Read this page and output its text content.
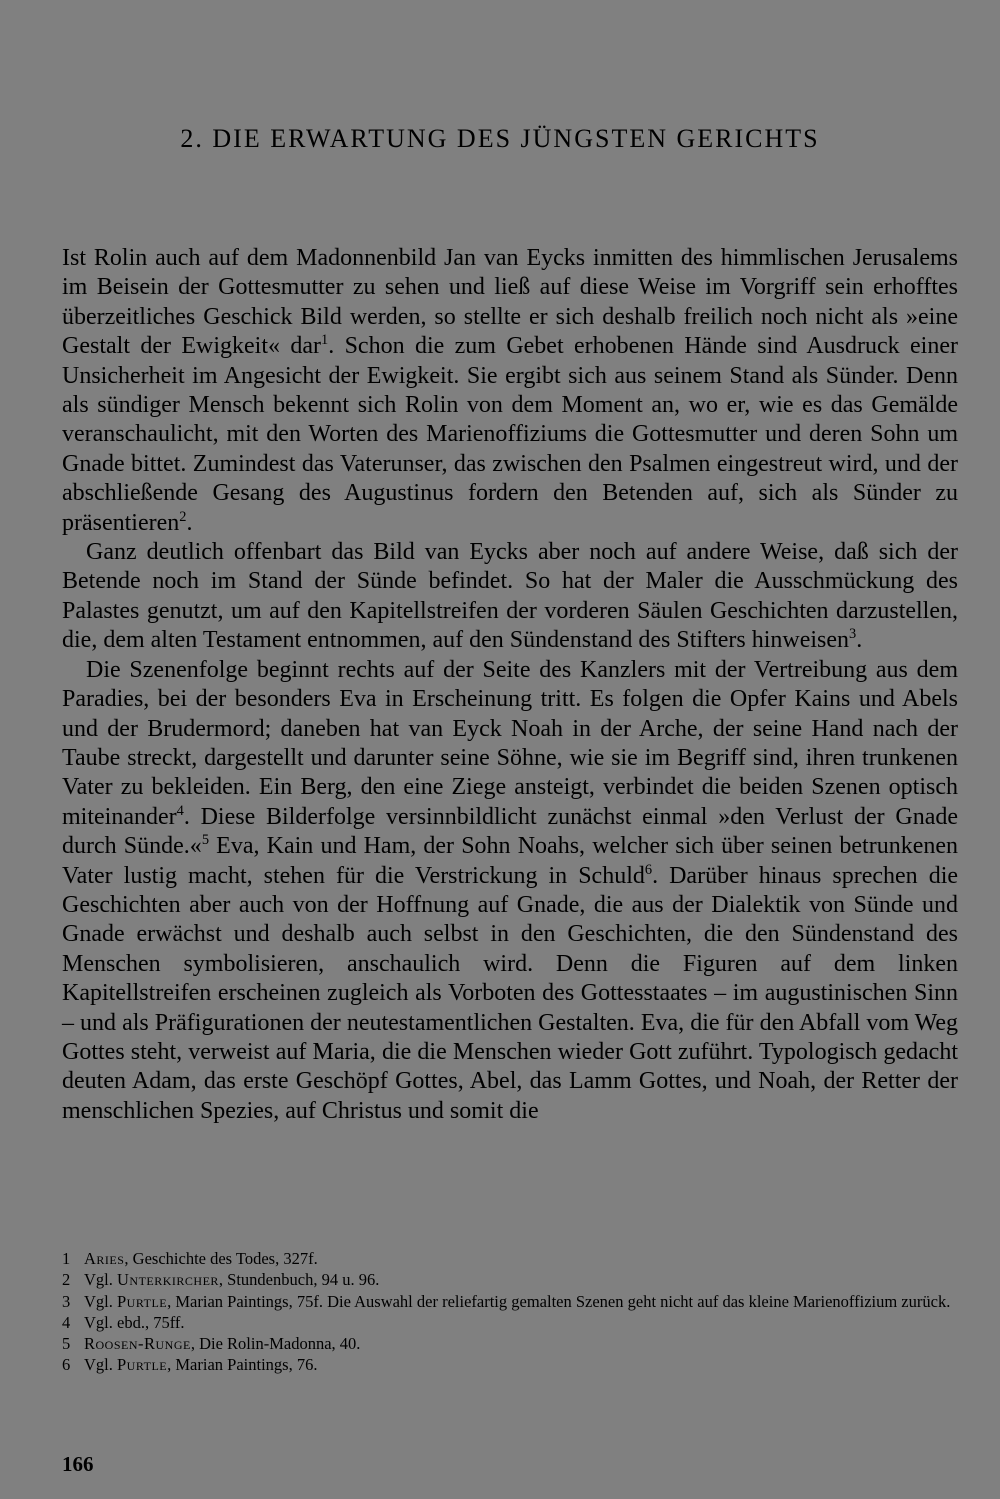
2. DIE ERWARTUNG DES JÜNGSTEN GERICHTS

Ist Rolin auch auf dem Madonnenbild Jan van Eycks inmitten des himmlischen Jerusalems im Beisein der Gottesmutter zu sehen und ließ auf diese Weise im Vorgriff sein erhofftes überzeitliches Geschick Bild werden, so stellte er sich deshalb freilich noch nicht als »eine Gestalt der Ewigkeit« dar$^1$. Schon die zum Gebet erhobenen Hände sind Ausdruck einer Unsicherheit im Angesicht der Ewigkeit. Sie ergibt sich aus seinem Stand als Sünder. Denn als sündiger Mensch bekennt sich Rolin von dem Moment an, wo er, wie es das Gemälde veranschaulicht, mit den Worten des Marienoffiziums die Gottesmutter und deren Sohn um Gnade bittet. Zumindest das Vaterunser, das zwischen den Psalmen eingestreut wird, und der abschließende Gesang des Augustinus fordern den Betenden auf, sich als Sünder zu präsentieren$^2$.

Ganz deutlich offenbart das Bild van Eycks aber noch auf andere Weise, daß sich der Betende noch im Stand der Sünde befindet. So hat der Maler die Ausschmückung des Palastes genutzt, um auf den Kapitellstreifen der vorderen Säulen Geschichten darzustellen, die, dem alten Testament entnommen, auf den Sündenstand des Stifters hinweisen$^3$.

Die Szenenfolge beginnt rechts auf der Seite des Kanzlers mit der Vertreibung aus dem Paradies, bei der besonders Eva in Erscheinung tritt. Es folgen die Opfer Kains und Abels und der Brudermord; daneben hat van Eyck Noah in der Arche, der seine Hand nach der Taube streckt, dargestellt und darunter seine Söhne, wie sie im Begriff sind, ihren trunkenen Vater zu bekleiden. Ein Berg, den eine Ziege ansteigt, verbindet die beiden Szenen optisch miteinander$^4$. Diese Bilderfolge versinnbildlicht zunächst einmal »den Verlust der Gnade durch Sünde.«$^5$ Eva, Kain und Ham, der Sohn Noahs, welcher sich über seinen betrunkenen Vater lustig macht, stehen für die Verstrickung in Schuld$^6$. Darüber hinaus sprechen die Geschichten aber auch von der Hoffnung auf Gnade, die aus der Dialektik von Sünde und Gnade erwächst und deshalb auch selbst in den Geschichten, die den Sündenstand des Menschen symbolisieren, anschaulich wird. Denn die Figuren auf dem linken Kapitellstreifen erscheinen zugleich als Vorboten des Gottesstaates – im augustinischen Sinn – und als Präfigurationen der neutestamentlichen Gestalten. Eva, die für den Abfall vom Weg Gottes steht, verweist auf Maria, die die Menschen wieder Gott zuführt. Typologisch gedacht deuten Adam, das erste Geschöpf Gottes, Abel, das Lamm Gottes, und Noah, der Retter der menschlichen Spezies, auf Christus und somit die

1 Aries, Geschichte des Todes, 327f.
2 Vgl. Unterkircher, Stundenbuch, 94 u. 96.
3 Vgl. Purtle, Marian Paintings, 75f. Die Auswahl der reliefartig gemalten Szenen geht nicht auf das kleine Marienoffizium zurück.
4 Vgl. ebd., 75ff.
5 Roosen-Runge, Die Rolin-Madonna, 40.
6 Vgl. Purtle, Marian Paintings, 76.
166
